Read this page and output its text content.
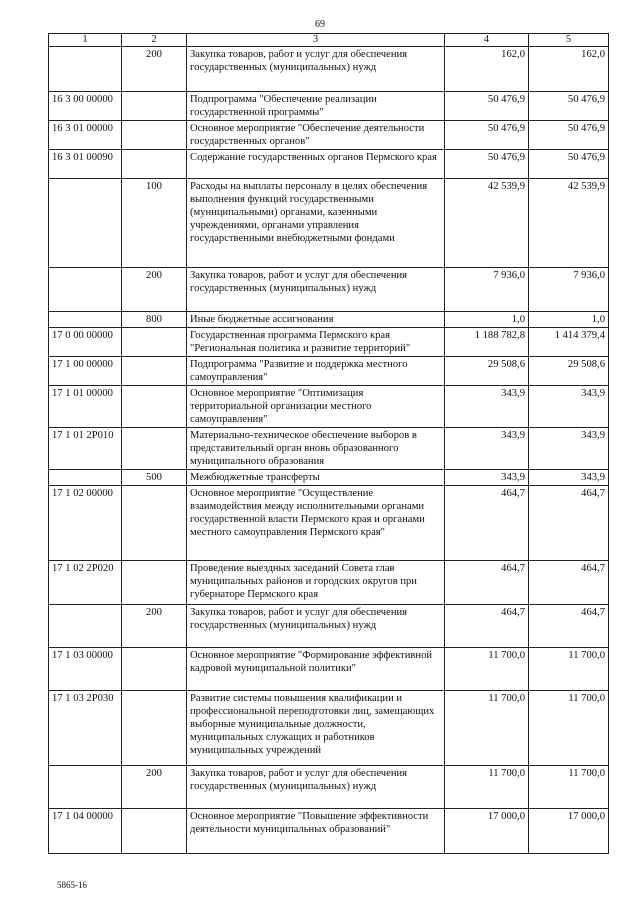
69
1	2	3	4	5
	200	Закупка товаров, работ и услуг для обеспечения государственных (муниципальных) нужд	162,0	162,0
16 3 00 00000		Подпрограмма "Обеспечение реализации государственной программы"	50 476,9	50 476,9
16 3 01 00000		Основное мероприятие "Обеспечение деятельности государственных органов"	50 476,9	50 476,9
16 3 01 00090		Содержание государственных органов Пермского края	50 476,9	50 476,9
	100	Расходы на выплаты персоналу в целях обеспечения выполнения функций государственными (муниципальными) органами, казенными учреждениями, органами управления государственными внебюджетными фондами	42 539,9	42 539,9
	200	Закупка товаров, работ и услуг для обеспечения государственных (муниципальных) нужд	7 936,0	7 936,0
	800	Иные бюджетные ассигнования	1,0	1,0
17 0 00 00000		Государственная программа Пермского края "Региональная политика и развитие территорий"	1 188 782,8	1 414 379,4
17 1 00 00000		Подпрограмма "Развитие и поддержка местного самоуправления"	29 508,6	29 508,6
17 1 01 00000		Основное мероприятие "Оптимизация территориальной организации местного самоуправления"	343,9	343,9
17 1 01 2P010		Материально-техническое обеспечение выборов в представительный орган вновь образованного муниципального образования	343,9	343,9
	500	Межбюджетные трансферты	343,9	343,9
17 1 02 00000		Основное мероприятие "Осуществление взаимодействия между исполнительными органами государственной власти Пермского края и органами местного самоуправления Пермского края"	464,7	464,7
17 1 02 2P020		Проведение выездных заседаний Совета глав муниципальных районов и городских округов при губернаторе Пермского края	464,7	464,7
	200	Закупка товаров, работ и услуг для обеспечения государственных (муниципальных) нужд	464,7	464,7
17 1 03 00000		Основное мероприятие "Формирование эффективной кадровой муниципальной политики"	11 700,0	11 700,0
17 1 03 2P030		Развитие системы повышения квалификации и профессиональной переподготовки лиц, замещающих выборные муниципальные должности, муниципальных служащих и работников муниципальных учреждений	11 700,0	11 700,0
	200	Закупка товаров, работ и услуг для обеспечения государственных (муниципальных) нужд	11 700,0	11 700,0
17 1 04 00000		Основное мероприятие "Повышение эффективности деятельности муниципальных образований"	17 000,0	17 000,0
5865-16
